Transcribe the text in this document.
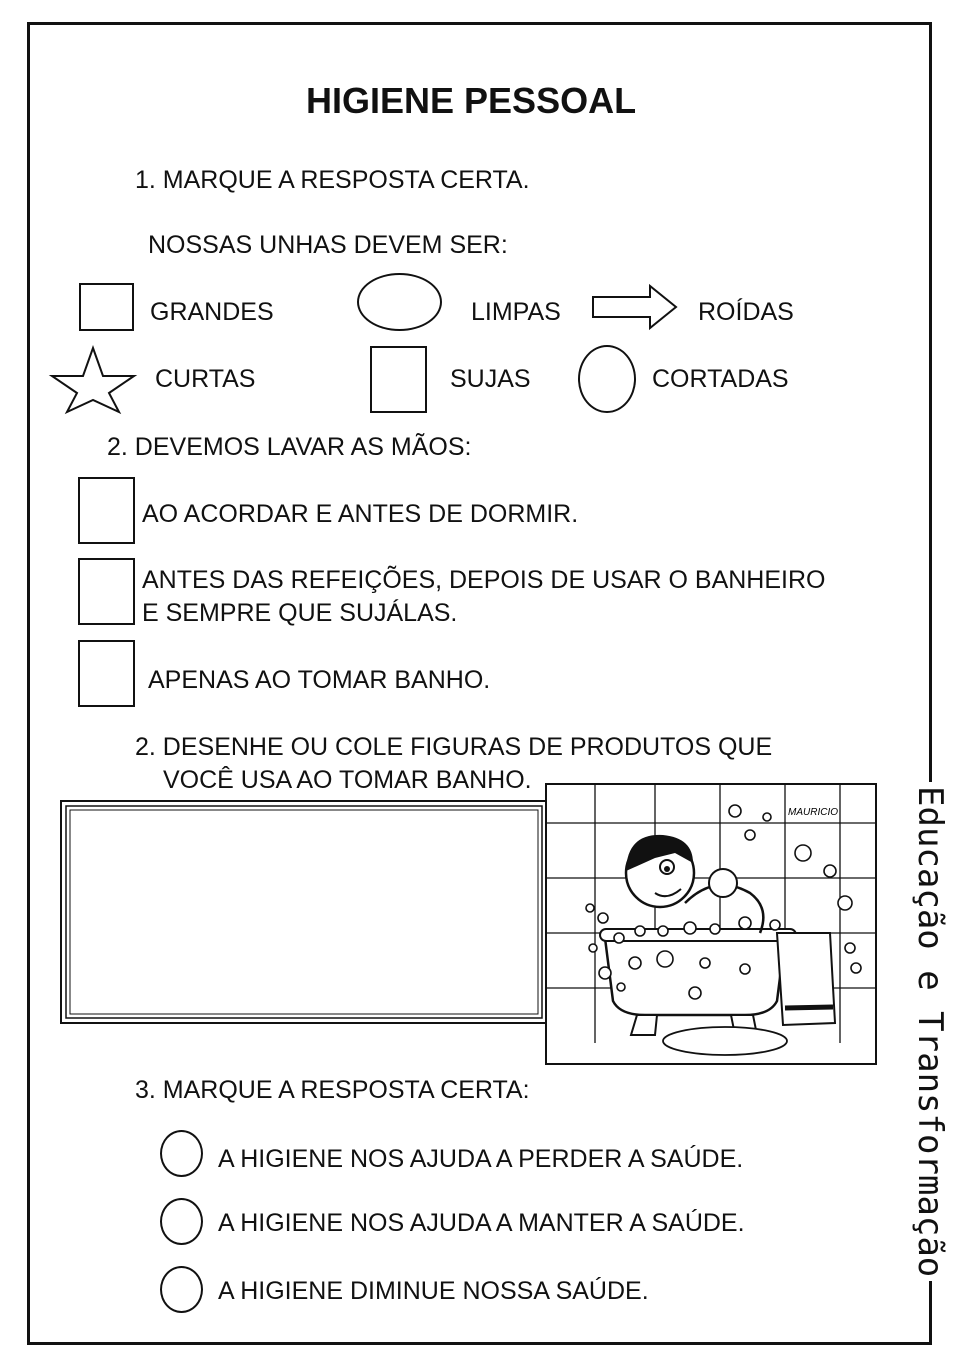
HIGIENE PESSOAL
1. MARQUE A RESPOSTA CERTA.
NOSSAS UNHAS DEVEM SER:
GRANDES	LIMPAS	ROÍDAS
CURTAS	SUJAS	CORTADAS
2. DEVEMOS LAVAR AS MÃOS:
AO ACORDAR E ANTES DE DORMIR.
ANTES DAS REFEIÇÕES, DEPOIS DE USAR O BANHEIRO
E SEMPRE QUE SUJÁLAS.
APENAS AO TOMAR BANHO.
2. DESENHE OU COLE FIGURAS DE PRODUTOS QUE
VOCÊ USA AO TOMAR BANHO.
MAURICIO
3. MARQUE A RESPOSTA CERTA:
A HIGIENE NOS AJUDA A PERDER A SAÚDE.
A HIGIENE NOS AJUDA A MANTER A SAÚDE.
A HIGIENE DIMINUE NOSSA SAÚDE.
Educação e Transformação
